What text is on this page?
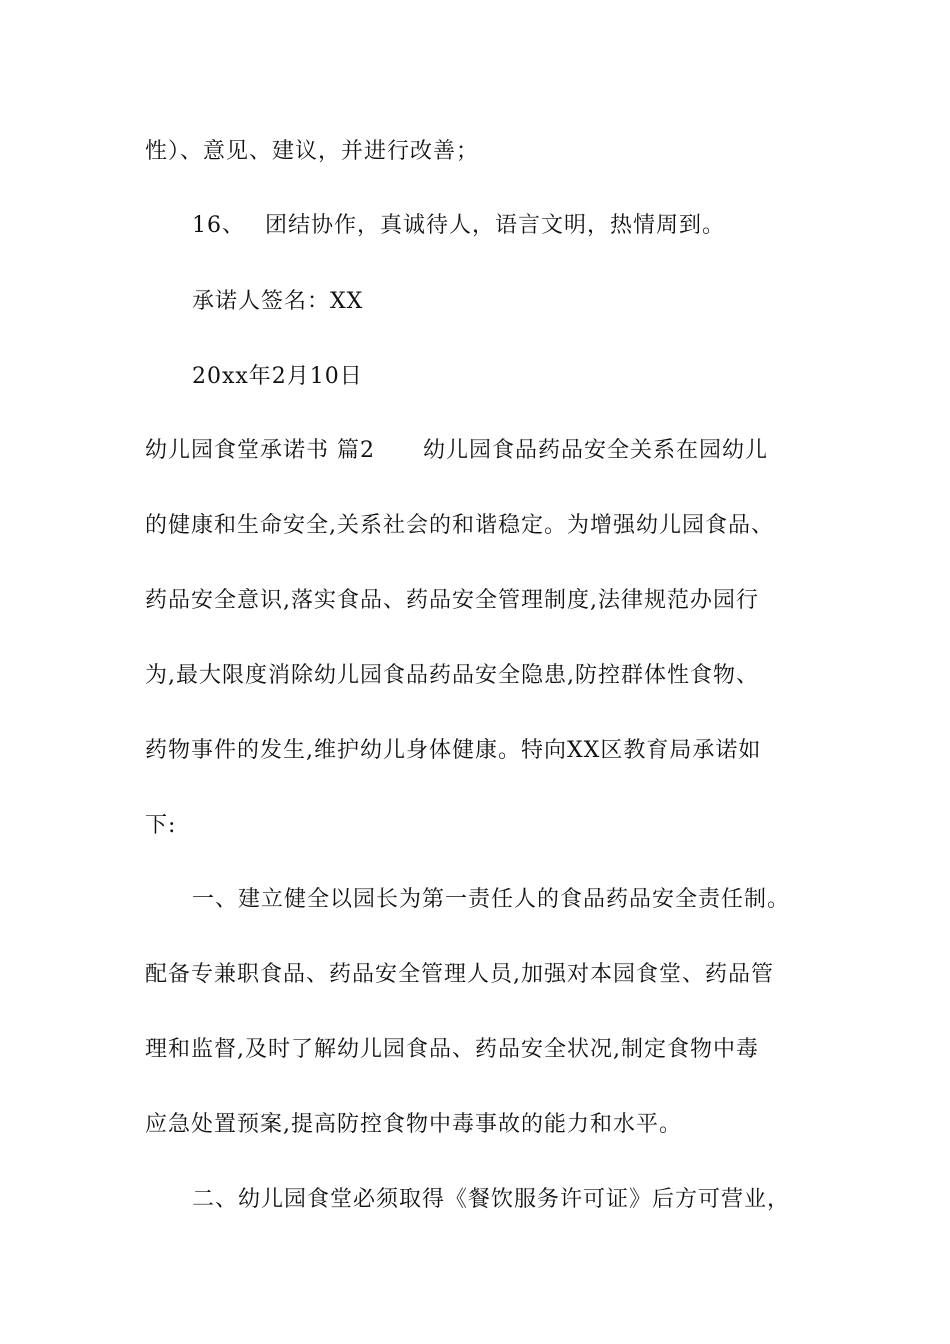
性）、意见、建议，并进行改善；
16、 团结协作，真诚待人，语言文明，热情周到。
承诺人签名：XX
20xx年2月10日
幼儿园食堂承诺书 篇2 幼儿园食品药品安全关系在园幼儿
的健康和生命安全,关系社会的和谐稳定。为增强幼儿园食品、
药品安全意识,落实食品、药品安全管理制度,法律规范办园行
为,最大限度消除幼儿园食品药品安全隐患,防控群体性食物、
药物事件的发生,维护幼儿身体健康。特向XX区教育局承诺如
下:
一、建立健全以园长为第一责任人的食品药品安全责任制。
配备专兼职食品、药品安全管理人员,加强对本园食堂、药品管
理和监督,及时了解幼儿园食品、药品安全状况,制定食物中毒
应急处置预案,提高防控食物中毒事故的能力和水平。
二、幼儿园食堂必须取得《餐饮服务许可证》后方可营业，
